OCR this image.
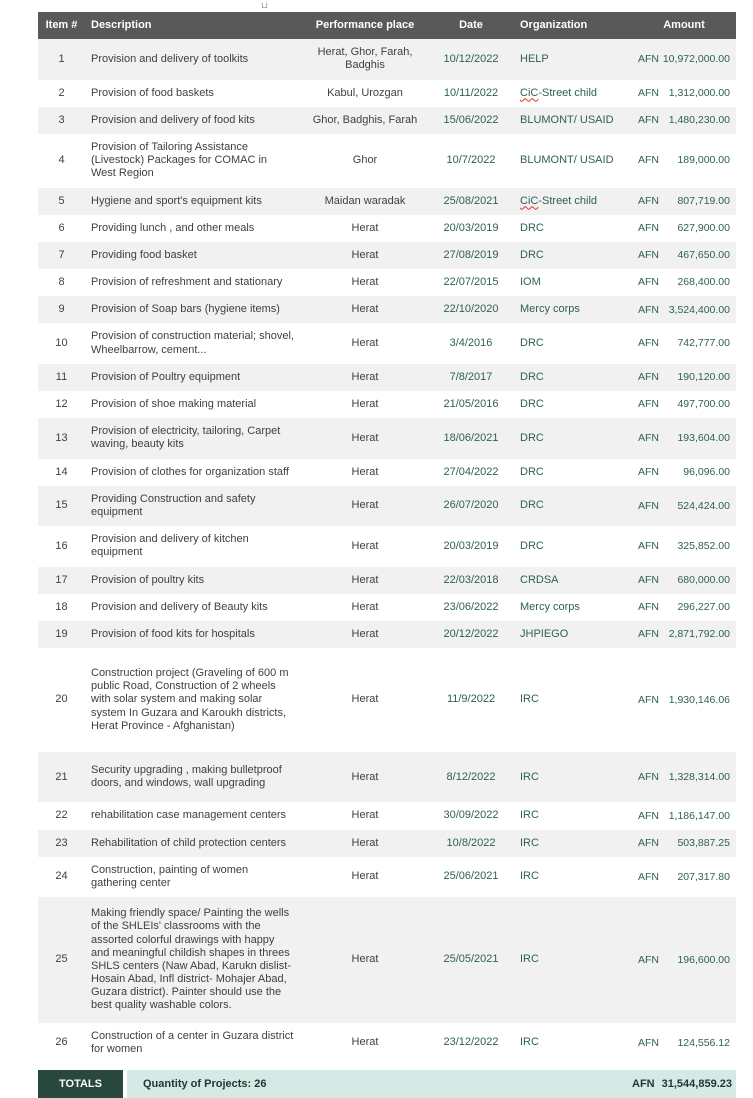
⊔
Item #	Description	Performance place	Date	Organization	Amount
1	Provision and delivery of toolkits	Herat, Ghor, Farah, Badghis	10/12/2022	HELP	AFN 10,972,000.00

2	Provision of food baskets	Kabul, Urozgan	10/11/2022	CiC-Street child	AFN 1,312,000.00

3	Provision and delivery of food kits	Ghor, Badghis, Farah	15/06/2022	BLUMONT/ USAID	AFN 1,480,230.00

4	Provision of Tailoring Assistance (Livestock) Packages for COMAC in West Region	Ghor	10/7/2022	BLUMONT/ USAID	AFN 189,000.00

5	Hygiene and sport's equipment kits	Maidan waradak	25/08/2021	CiC-Street child	AFN 807,719.00

6	Providing lunch , and other meals	Herat	20/03/2019	DRC	AFN 627,900.00

7	Providing food basket	Herat	27/08/2019	DRC	AFN 467,650.00

8	Provision of refreshment and stationary	Herat	22/07/2015	IOM	AFN 268,400.00

9	Provision of Soap bars (hygiene items)	Herat	22/10/2020	Mercy corps	AFN 3,524,400.00

10	Provision of construction material; shovel, Wheelbarrow, cement...	Herat	3/4/2016	DRC	AFN 742,777.00

11	Provision of Poultry equipment	Herat	7/8/2017	DRC	AFN 190,120.00

12	Provision of shoe making material	Herat	21/05/2016	DRC	AFN 497,700.00

13	Provision of electricity, tailoring, Carpet waving, beauty kits	Herat	18/06/2021	DRC	AFN 193,604.00

14	Provision of clothes for organization staff	Herat	27/04/2022	DRC	AFN 96,096.00

15	Providing Construction and safety equipment	Herat	26/07/2020	DRC	AFN 524,424.00

16	Provision and delivery of kitchen equipment	Herat	20/03/2019	DRC	AFN 325,852.00

17	Provision of poultry kits	Herat	22/03/2018	CRDSA	AFN 680,000.00

18	Provision and delivery of Beauty kits	Herat	23/06/2022	Mercy corps	AFN 296,227.00

19	Provision of food kits for hospitals	Herat	20/12/2022	JHPIEGO	AFN 2,871,792.00

20	Construction project (Graveling of 600 m public Road, Construction of 2 wheels with solar system and making solar system In Guzara and Karoukh districts, Herat Province - Afghanistan)	Herat	11/9/2022	IRC	AFN 1,930,146.06

21	Security upgrading , making bulletproof doors, and windows, wall upgrading	Herat	8/12/2022	IRC	AFN 1,328,314.00

22	rehabilitation case management centers	Herat	30/09/2022	IRC	AFN 1,186,147.00

23	Rehabilitation of child protection centers	Herat	10/8/2022	IRC	AFN 503,887.25

24	Construction, painting of women gathering center	Herat	25/06/2021	IRC	AFN 207,317.80

25	Making friendly space/ Painting the wells of the SHLEIs' classrooms with the assorted colorful drawings with happy and meaningful childish shapes in threes SHLS centers (Naw Abad, Karukn dislist- Hosain Abad, Infl district- Mohajer Abad, Guzara district). Painter should use the best quality washable colors.	Herat	25/05/2021	IRC	AFN 196,600.00

26	Construction of a center in Guzara district for women	Herat	23/12/2022	IRC	AFN 124,556.12
TOTALS	Quantity of Projects: 26	AFN 31,544,859.23
